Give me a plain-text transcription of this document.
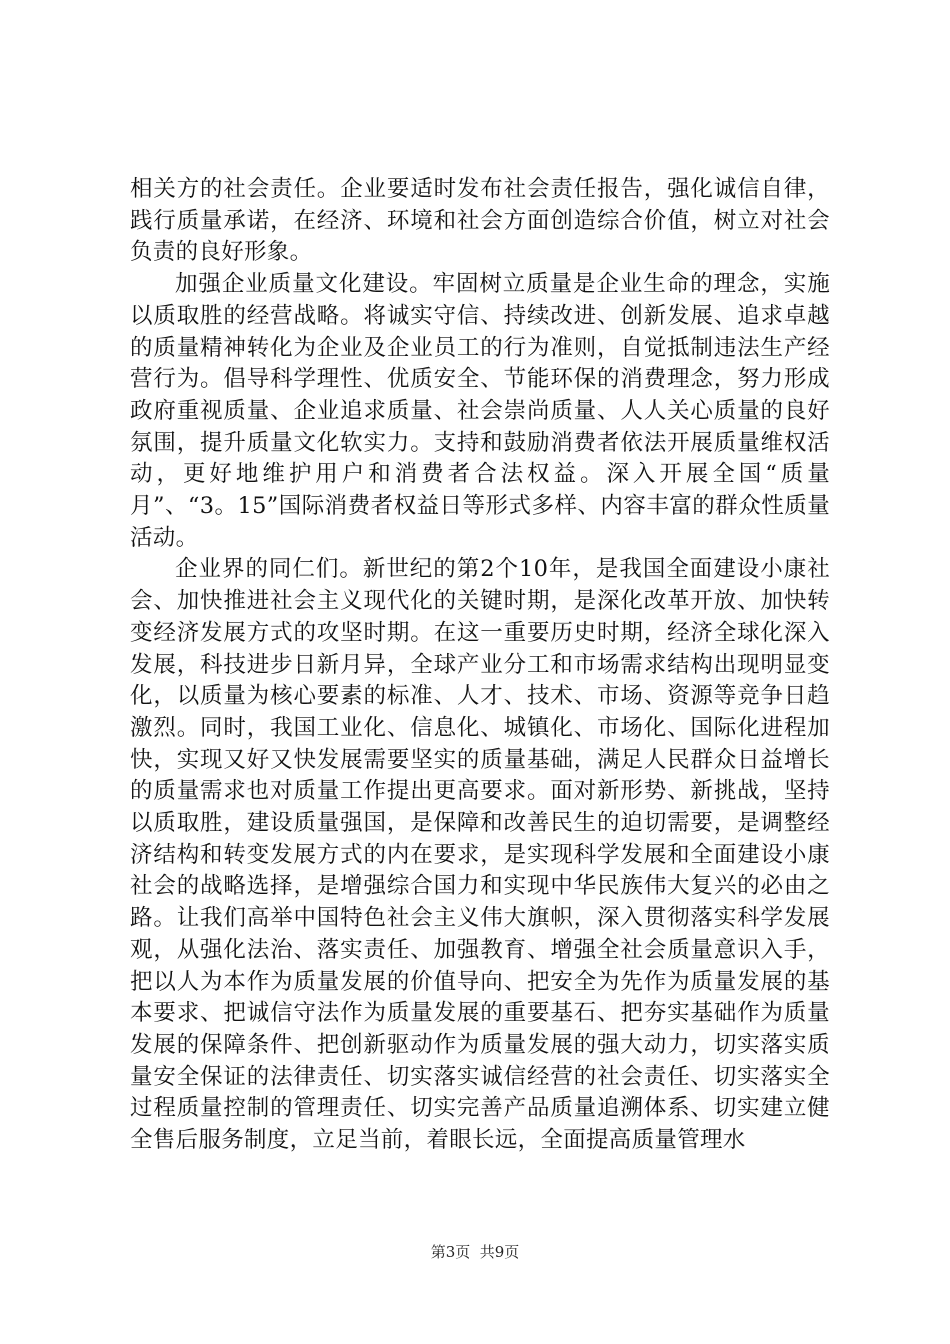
相关方的社会责任。企业要适时发布社会责任报告，强化诚信自律，践行质量承诺，在经济、环境和社会方面创造综合价值，树立对社会负责的良好形象。

加强企业质量文化建设。牢固树立质量是企业生命的理念，实施以质取胜的经营战略。将诚实守信、持续改进、创新发展、追求卓越的质量精神转化为企业及企业员工的行为准则，自觉抵制违法生产经营行为。倡导科学理性、优质安全、节能环保的消费理念，努力形成政府重视质量、企业追求质量、社会崇尚质量、人人关心质量的良好氛围，提升质量文化软实力。支持和鼓励消费者依法开展质量维权活动，更好地维护用户和消费者合法权益。深入开展全国“质量月”、“3。15”国际消费者权益日等形式多样、内容丰富的群众性质量活动。

企业界的同仁们。新世纪的第2个10年，是我国全面建设小康社会、加快推进社会主义现代化的关键时期，是深化改革开放、加快转变经济发展方式的攻坚时期。在这一重要历史时期，经济全球化深入发展，科技进步日新月异，全球产业分工和市场需求结构出现明显变化，以质量为核心要素的标准、人才、技术、市场、资源等竞争日趋激烈。同时，我国工业化、信息化、城镇化、市场化、国际化进程加快，实现又好又快发展需要坚实的质量基础，满足人民群众日益增长的质量需求也对质量工作提出更高要求。面对新形势、新挑战，坚持以质取胜，建设质量强国，是保障和改善民生的迫切需要，是调整经济结构和转变发展方式的内在要求，是实现科学发展和全面建设小康社会的战略选择，是增强综合国力和实现中华民族伟大复兴的必由之路。让我们高举中国特色社会主义伟大旗帜，深入贯彻落实科学发展观，从强化法治、落实责任、加强教育、增强全社会质量意识入手，把以人为本作为质量发展的价值导向、把安全为先作为质量发展的基本要求、把诚信守法作为质量发展的重要基石、把夯实基础作为质量发展的保障条件、把创新驱动作为质量发展的强大动力，切实落实质量安全保证的法律责任、切实落实诚信经营的社会责任、切实落实全过程质量控制的管理责任、切实完善产品质量追溯体系、切实建立健全售后服务制度，立足当前，着眼长远，全面提高质量管理水

第3页  共9页
